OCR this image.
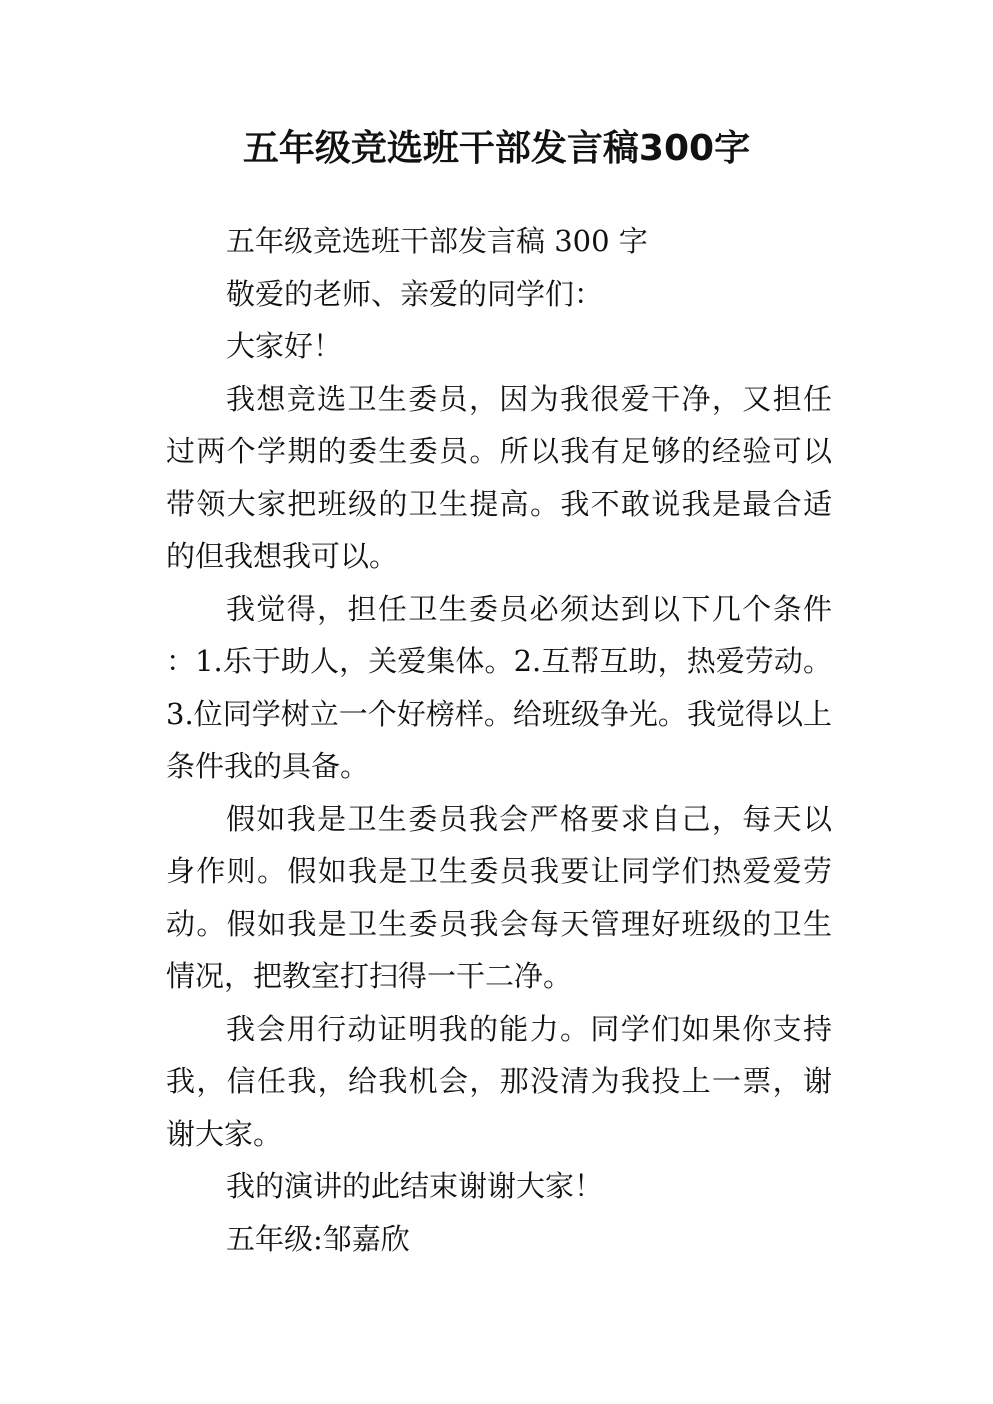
五年级竞选班干部发言稿300字

五年级竞选班干部发言稿 300 字

敬爱的老师、亲爱的同学们：

大家好！

我想竞选卫生委员，因为我很爱干净，又担任过两个学期的委生委员。所以我有足够的经验可以带领大家把班级的卫生提高。我不敢说我是最合适的但我想我可以。

我觉得，担任卫生委员必须达到以下几个条件：1.乐于助人，关爱集体。2.互帮互助，热爱劳动。3.位同学树立一个好榜样。给班级争光。我觉得以上条件我的具备。

假如我是卫生委员我会严格要求自己，每天以身作则。假如我是卫生委员我要让同学们热爱爱劳动。假如我是卫生委员我会每天管理好班级的卫生情况，把教室打扫得一干二净。

我会用行动证明我的能力。同学们如果你支持我，信任我，给我机会，那没清为我投上一票，谢谢大家。

我的演讲的此结束谢谢大家！

五年级:邹嘉欣
